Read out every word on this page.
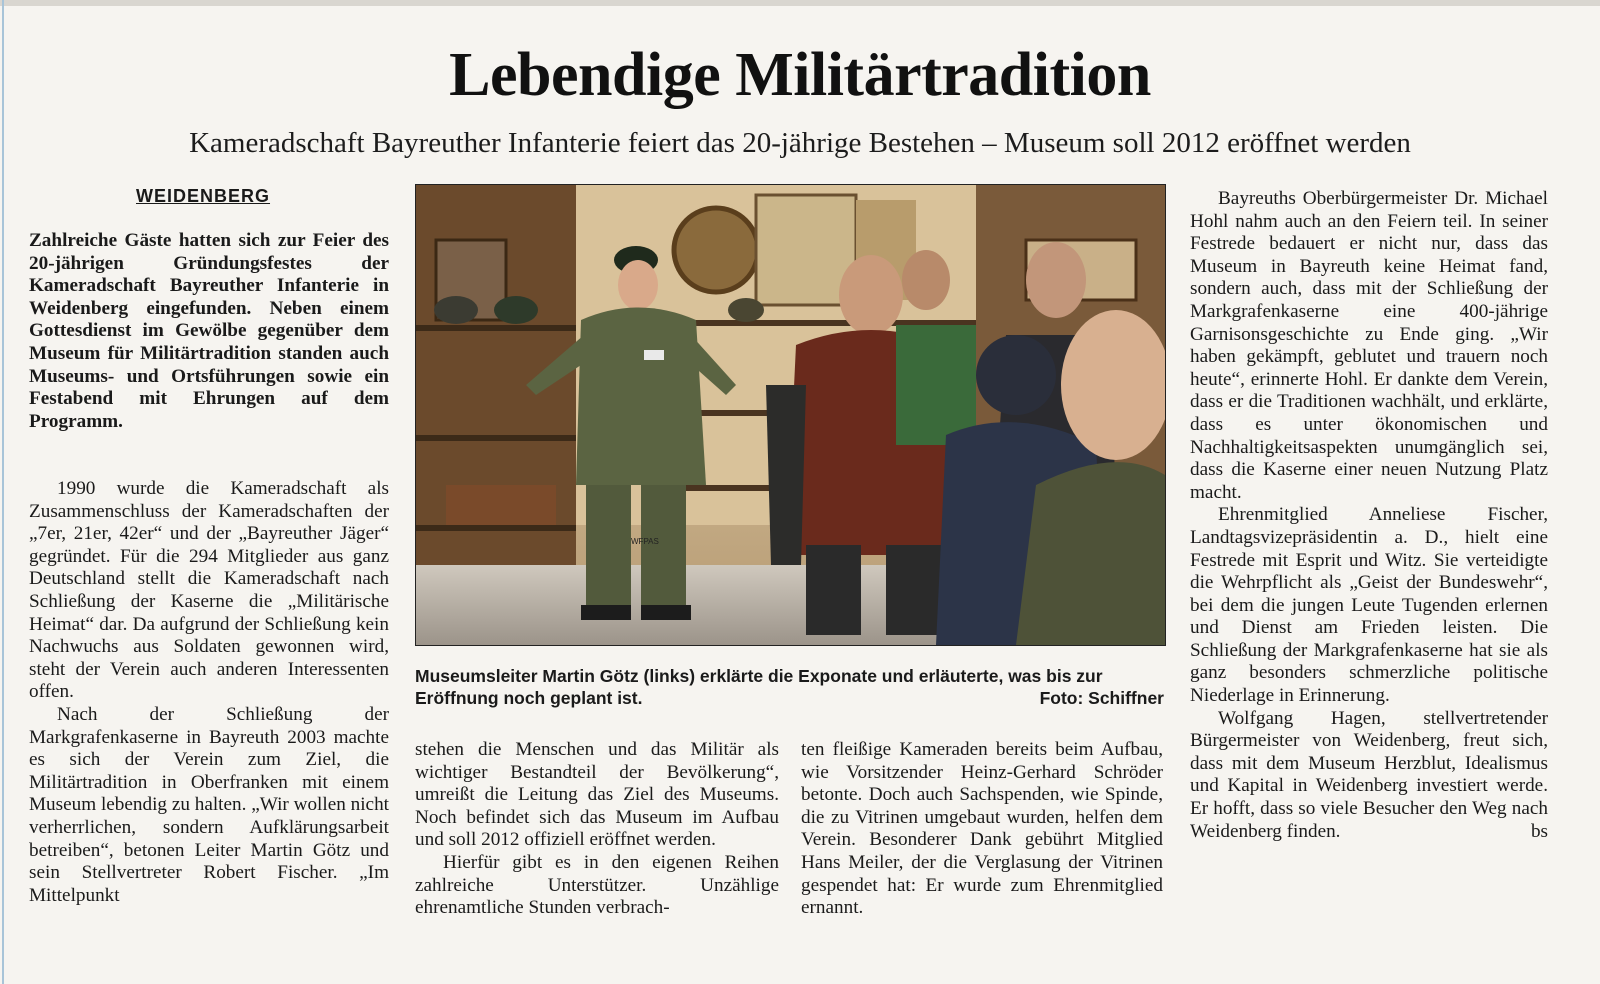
Lebendige Militärtradition
Kameradschaft Bayreuther Infanterie feiert das 20-jährige Bestehen – Museum soll 2012 eröffnet werden
WEIDENBERG
Zahlreiche Gäste hatten sich zur Feier des 20-jährigen Gründungsfestes der Kameradschaft Bayreuther Infanterie in Weidenberg eingefunden. Neben einem Gottesdienst im Gewölbe gegenüber dem Museum für Militärtradition standen auch Museums- und Ortsführungen sowie ein Festabend mit Ehrungen auf dem Programm.

1990 wurde die Kameradschaft als Zusammenschluss der Kameradschaften der „7er, 21er, 42er“ und der „Bayreuther Jäger“ gegründet. Für die 294 Mitglieder aus ganz Deutschland stellt die Kameradschaft nach Schließung der Kaserne die „Militärische Heimat“ dar. Da aufgrund der Schließung kein Nachwuchs aus Soldaten gewonnen wird, steht der Verein auch anderen Interessenten offen.

Nach der Schließung der Markgrafenkaserne in Bayreuth 2003 machte es sich der Verein zum Ziel, die Militärtradition in Oberfranken mit einem Museum lebendig zu halten. „Wir wollen nicht verherrlichen, sondern Aufklärungsarbeit betreiben“, betonen Leiter Martin Götz und sein Stellvertreter Robert Fischer. „Im Mittelpunkt

Museumsleiter Martin Götz (links) erklärte die Exponate und erläuterte, was bis zur Eröffnung noch geplant ist.	Foto: Schiffner

stehen die Menschen und das Militär als wichtiger Bestandteil der Bevölkerung“, umreißt die Leitung das Ziel des Museums. Noch befindet sich das Museum im Aufbau und soll 2012 offiziell eröffnet werden.

Hierfür gibt es in den eigenen Reihen zahlreiche Unterstützer. Unzählige ehrenamtliche Stunden verbrach-

ten fleißige Kameraden bereits beim Aufbau, wie Vorsitzender Heinz-Gerhard Schröder betonte. Doch auch Sachspenden, wie Spinde, die zu Vitrinen umgebaut wurden, helfen dem Verein. Besonderer Dank gebührt Mitglied Hans Meiler, der die Verglasung der Vitrinen gespendet hat: Er wurde zum Ehrenmitglied ernannt.

Bayreuths Oberbürgermeister Dr. Michael Hohl nahm auch an den Feiern teil. In seiner Festrede bedauert er nicht nur, dass das Museum in Bayreuth keine Heimat fand, sondern auch, dass mit der Schließung der Markgrafenkaserne eine 400-jährige Garnisonsgeschichte zu Ende ging. „Wir haben gekämpft, geblutet und trauern noch heute“, erinnerte Hohl. Er dankte dem Verein, dass er die Traditionen wachhält, und erklärte, dass es unter ökonomischen und Nachhaltigkeitsaspekten unumgänglich sei, dass die Kaserne einer neuen Nutzung Platz macht.

Ehrenmitglied Anneliese Fischer, Landtagsvizepräsidentin a. D., hielt eine Festrede mit Esprit und Witz. Sie verteidigte die Wehrpflicht als „Geist der Bundeswehr“, bei dem die jungen Leute Tugenden erlernen und Dienst am Frieden leisten. Die Schließung der Markgrafenkaserne hat sie als ganz besonders schmerzliche politische Niederlage in Erinnerung.

Wolfgang Hagen, stellvertretender Bürgermeister von Weidenberg, freut sich, dass mit dem Museum Herzblut, Idealismus und Kapital in Weidenberg investiert werde. Er hofft, dass so viele Besucher den Weg nach Weidenberg finden.	bs

WFPAS
